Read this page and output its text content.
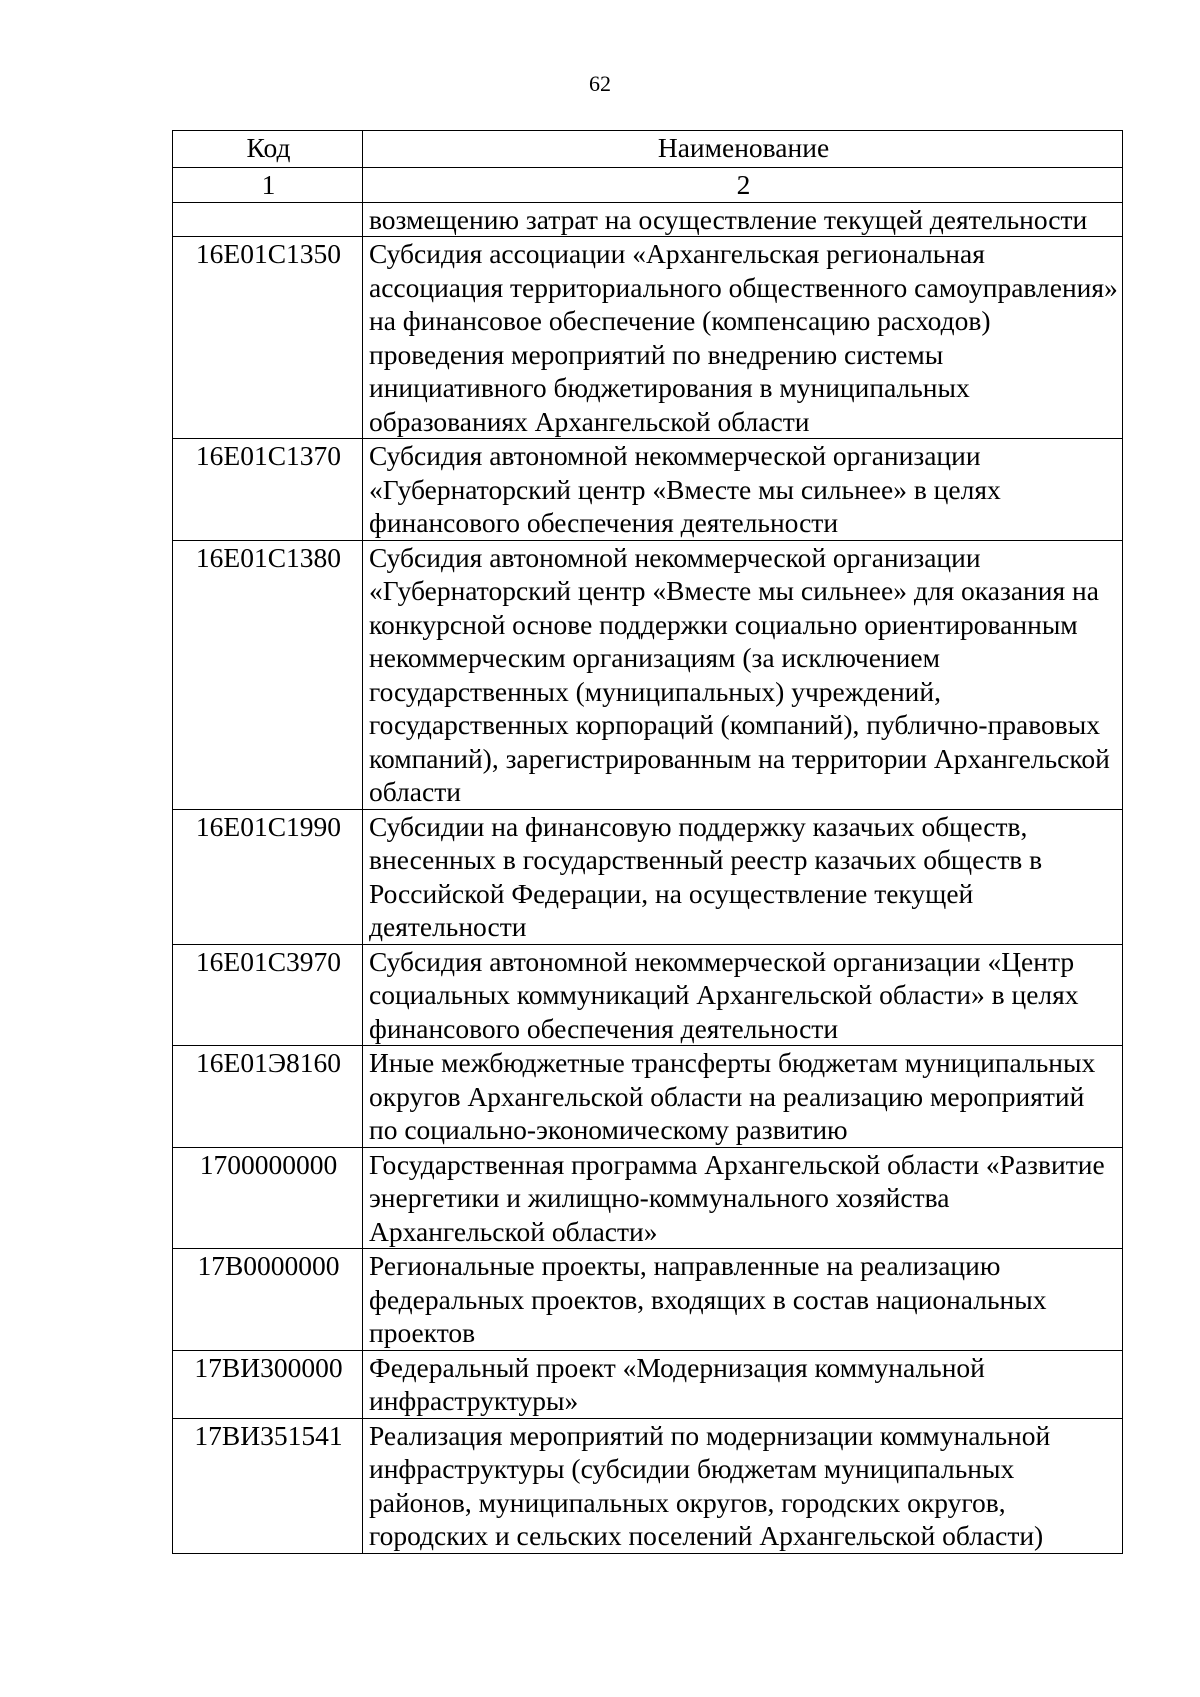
62
Код	Наименование
1	2
	возмещению затрат на осуществление текущей деятельности
16Е01С1350	Субсидия ассоциации «Архангельская региональная ассоциация территориального общественного самоуправления» на финансовое обеспечение (компенсацию расходов) проведения мероприятий по внедрению системы инициативного бюджетирования в муниципальных образованиях Архангельской области
16Е01С1370	Субсидия автономной некоммерческой организации «Губернаторский центр «Вместе мы сильнее» в целях финансового обеспечения деятельности
16Е01С1380	Субсидия автономной некоммерческой организации «Губернаторский центр «Вместе мы сильнее» для оказания на конкурсной основе поддержки социально ориентированным некоммерческим организациям (за исключением государственных (муниципальных) учреждений, государственных корпораций (компаний), публично-правовых компаний), зарегистрированным на территории Архангельской области
16Е01С1990	Субсидии на финансовую поддержку казачьих обществ, внесенных в государственный реестр казачьих обществ в Российской Федерации, на осуществление текущей деятельности
16Е01С3970	Субсидия автономной некоммерческой организации «Центр социальных коммуникаций Архангельской области» в целях финансового обеспечения деятельности
16Е01Э8160	Иные межбюджетные трансферты бюджетам муниципальных округов Архангельской области на реализацию мероприятий по социально-экономическому развитию
1700000000	Государственная программа Архангельской области «Развитие энергетики и жилищно-коммунального хозяйства Архангельской области»
17В0000000	Региональные проекты, направленные на реализацию федеральных проектов, входящих в состав национальных проектов
17ВИ300000	Федеральный проект «Модернизация коммунальной инфраструктуры»
17ВИ351541	Реализация мероприятий по модернизации коммунальной инфраструктуры (субсидии бюджетам муниципальных районов, муниципальных округов, городских округов, городских и сельских поселений Архангельской области)
